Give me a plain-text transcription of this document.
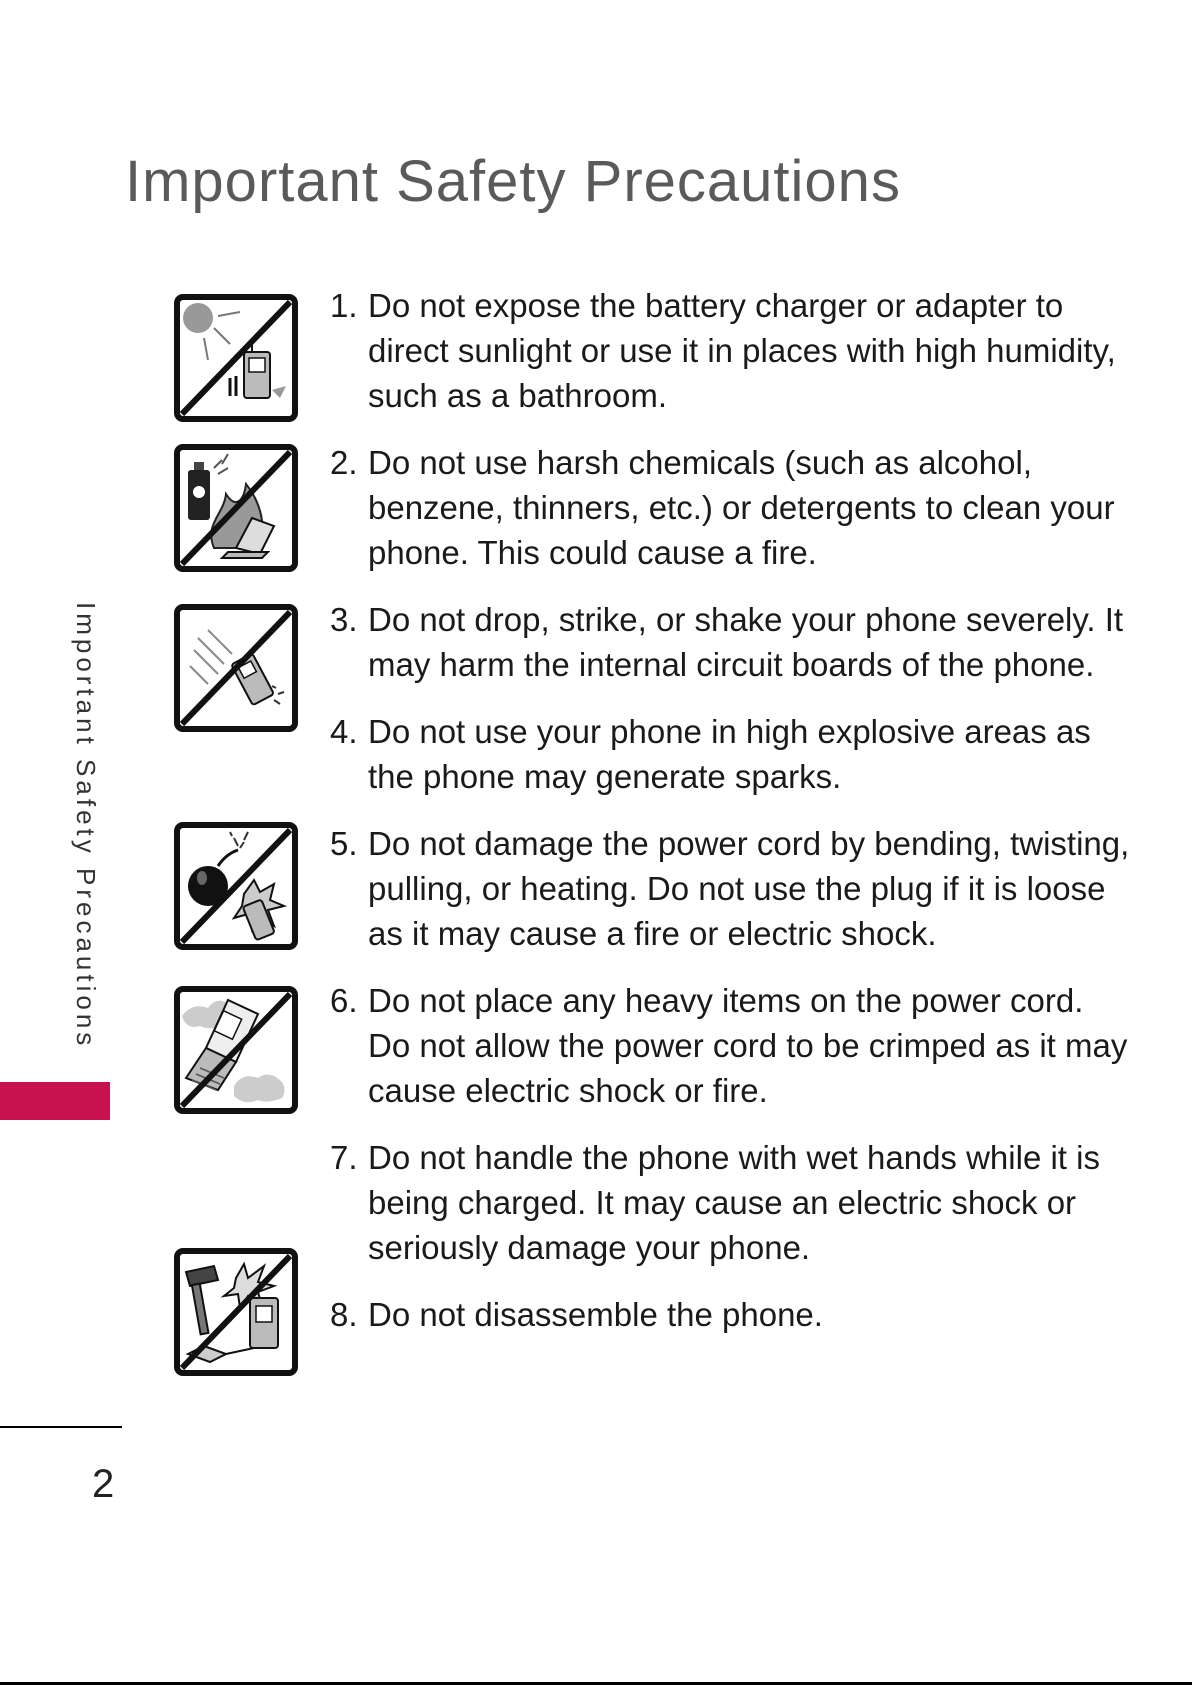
Important Safety Precautions
Important Safety Precautions
1. Do not expose the battery charger or adapter to direct sunlight or use it in places with high humidity, such as a bathroom.
2. Do not use harsh chemicals (such as alcohol, benzene, thinners, etc.) or detergents to clean your phone. This could cause a fire.
3. Do not drop, strike, or shake your phone severely. It may harm the internal circuit boards of the phone.
4. Do not use your phone in high explosive areas as the phone may generate sparks.
5. Do not damage the power cord by bending, twisting, pulling, or heating. Do not use the plug if it is loose as it may cause a fire or electric shock.
6. Do not place any heavy items on the power cord. Do not allow the power cord to be crimped as it may cause electric shock or fire.
7. Do not handle the phone with wet hands while it is being charged. It may cause an electric shock or seriously damage your phone.
8. Do not disassemble the phone.
2
